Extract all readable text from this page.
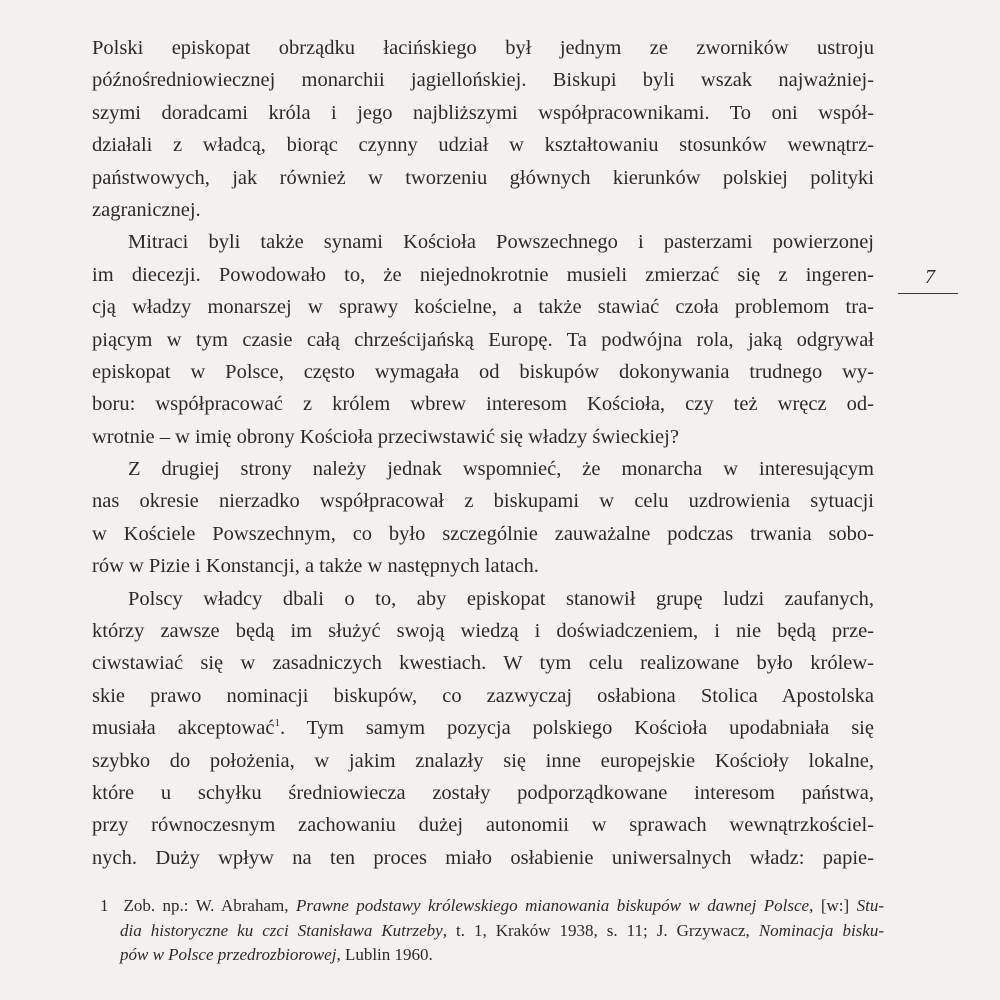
Polski episkopat obrządku łacińskiego był jednym ze zworników ustroju
późnośredniowiecznej monarchii jagiellońskiej. Biskupi byli wszak najważniej-
szymi doradcami króla i jego najbliższymi współpracownikami. To oni współ-
działali z władcą, biorąc czynny udział w kształtowaniu stosunków wewnątrz-
państwowych, jak również w tworzeniu głównych kierunków polskiej polityki
zagranicznej.
Mitraci byli także synami Kościoła Powszechnego i pasterzami powierzonej
im diecezji. Powodowało to, że niejednokrotnie musieli zmierzać się z ingeren-
cją władzy monarszej w sprawy kościelne, a także stawiać czoła problemom tra-
piącym w tym czasie całą chrześcijańską Europę. Ta podwójna rola, jaką odgrywał
episkopat w Polsce, często wymagała od biskupów dokonywania trudnego wy-
boru: współpracować z królem wbrew interesom Kościoła, czy też wręcz od-
wrotnie – w imię obrony Kościoła przeciwstawić się władzy świeckiej?
Z drugiej strony należy jednak wspomnieć, że monarcha w interesującym
nas okresie nierzadko współpracował z biskupami w celu uzdrowienia sytuacji
w Kościele Powszechnym, co było szczególnie zauważalne podczas trwania sobo-
rów w Pizie i Konstancji, a także w następnych latach.
Polscy władcy dbali o to, aby episkopat stanowił grupę ludzi zaufanych,
którzy zawsze będą im służyć swoją wiedzą i doświadczeniem, i nie będą prze-
ciwstawiać się w zasadniczych kwestiach. W tym celu realizowane było królew-
skie prawo nominacji biskupów, co zazwyczaj osłabiona Stolica Apostolska
musiała akceptować$^1$. Tym samym pozycja polskiego Kościoła upodabniała się
szybko do położenia, w jakim znalazły się inne europejskie Kościoły lokalne,
które u schyłku średniowiecza zostały podporządkowane interesom państwa,
przy równoczesnym zachowaniu dużej autonomii w sprawach wewnątrzkościel-
nych. Duży wpływ na ten proces miało osłabienie uniwersalnych władz: papie-
7
1 Zob. np.: W. Abraham, Prawne podstawy królewskiego mianowania biskupów w dawnej Polsce, [w:] Stu-
dia historyczne ku czci Stanisława Kutrzeby, t. 1, Kraków 1938, s. 11; J. Grzywacz, Nominacja bisku-
pów w Polsce przedrozbiorowej, Lublin 1960.
